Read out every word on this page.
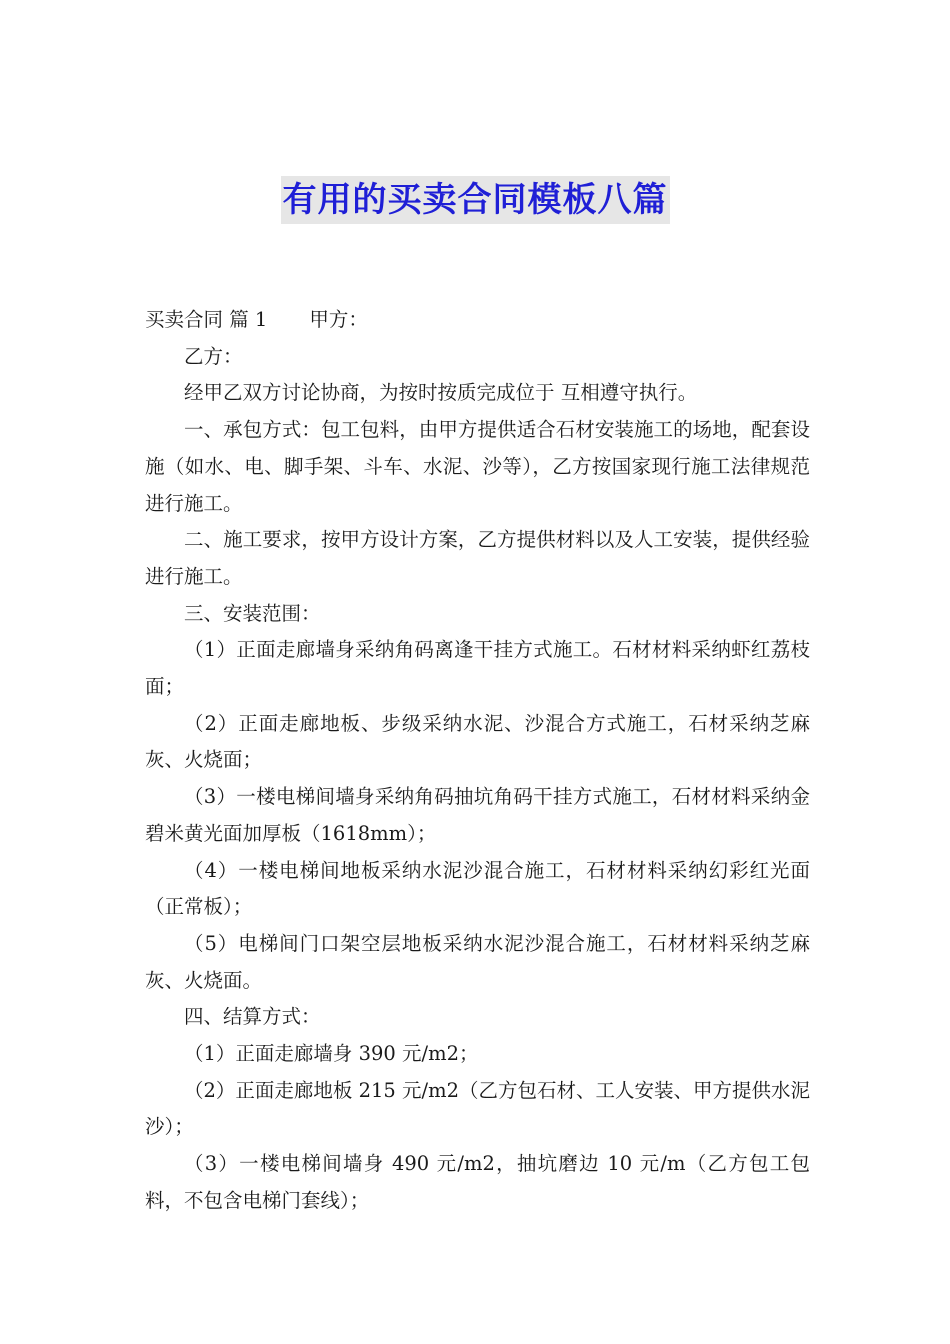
有用的买卖合同模板八篇

买卖合同 篇 1 甲方：

乙方：

经甲乙双方讨论协商，为按时按质完成位于 互相遵守执行。

一、承包方式：包工包料，由甲方提供适合石材安装施工的场地，配套设施（如水、电、脚手架、斗车、水泥、沙等），乙方按国家现行施工法律规范进行施工。

二、施工要求，按甲方设计方案，乙方提供材料以及人工安装，提供经验进行施工。

三、安装范围：

（1）正面走廊墙身采纳角码离逢干挂方式施工。石材材料采纳虾红荔枝面；

（2）正面走廊地板、步级采纳水泥、沙混合方式施工，石材采纳芝麻灰、火烧面；

（3）一楼电梯间墙身采纳角码抽坑角码干挂方式施工，石材材料采纳金碧米黄光面加厚板（1618mm）；

（4）一楼电梯间地板采纳水泥沙混合施工，石材材料采纳幻彩红光面（正常板）；

（5）电梯间门口架空层地板采纳水泥沙混合施工，石材材料采纳芝麻灰、火烧面。

四、结算方式：

（1）正面走廊墙身 390 元/m2；

（2）正面走廊地板 215 元/m2（乙方包石材、工人安装、甲方提供水泥沙）；

（3）一楼电梯间墙身 490 元/m2，抽坑磨边 10 元/m（乙方包工包料，不包含电梯门套线）；
